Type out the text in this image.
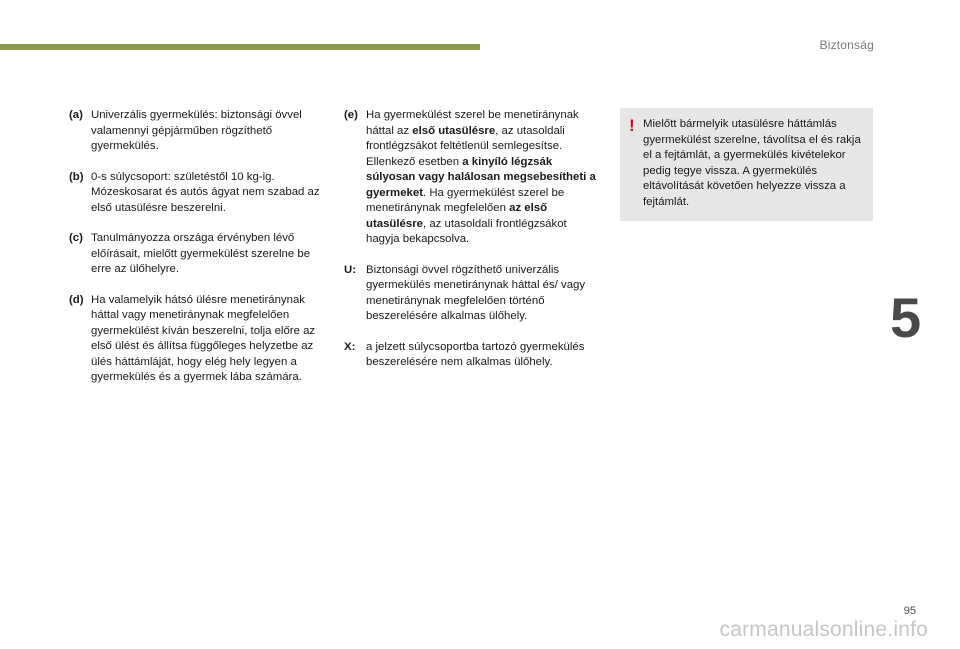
Biztonság
(a) Univerzális gyermekülés: biztonsági övvel valamennyi gépjárműben rögzíthető gyermekülés.
(b) 0-s súlycsoport: születéstől 10 kg-ig. Mózeskosarat és autós ágyat nem szabad az első utasülésre beszerelni.
(c) Tanulmányozza országa érvényben lévő előírásait, mielőtt gyermekülést szerelne be erre az ülőhelyre.
(d) Ha valamelyik hátsó ülésre menetiránynak háttal vagy menetiránynak megfelelően gyermekülést kíván beszerelni, tolja előre az első ülést és állítsa függőleges helyzetbe az ülés háttámláját, hogy elég hely legyen a gyermekülés és a gyermek lába számára.
(e) Ha gyermekülést szerel be menetiránynak háttal az első utasülésre, az utasoldali frontlégzsákot feltétlenül semlegesítse. Ellenkező esetben a kinyíló légzsák súlyosan vagy halálosan megsebesítheti a gyermeket. Ha gyermekülést szerel be menetiránynak megfelelően az első utasülésre, az utasoldali frontlégzsákot hagyja bekapcsolva.
U: Biztonsági övvel rögzíthető univerzális gyermekülés menetiránynak háttal és/ vagy menetiránynak megfelelően történő beszerelésére alkalmas ülőhely.
X: a jelzett súlycsoportba tartozó gyermekülés beszerelésére nem alkalmas ülőhely.
! Mielőtt bármelyik utasülésre háttámlás gyermekülést szerelne, távolítsa el és rakja el a fejtámlát, a gyermekülés kivételekor pedig tegye vissza. A gyermekülés eltávolítását követően helyezze vissza a fejtámlát.
5
95
carmanualsonline.info
